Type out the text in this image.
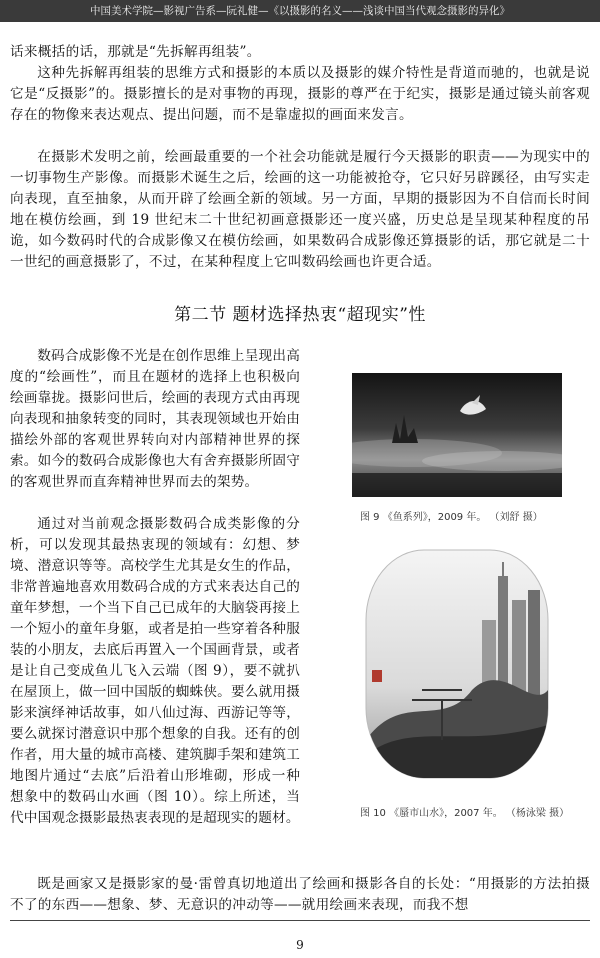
中国美术学院—影视广告系—阮礼健—《以摄影的名义——浅谈中国当代观念摄影的异化》

话来概括的话，那就是“先拆解再组装”。

这种先拆解再组装的思维方式和摄影的本质以及摄影的媒介特性是背道而驰的，也就是说它是“反摄影”的。摄影擅长的是对事物的再现，摄影的尊严在于纪实，摄影是通过镜头前客观存在的物像来表达观点、提出问题，而不是靠虚拟的画面来发言。

在摄影术发明之前，绘画最重要的一个社会功能就是履行今天摄影的职责——为现实中的一切事物生产影像。而摄影术诞生之后，绘画的这一功能被抢夺，它只好另辟蹊径，由写实走向表现，直至抽象，从而开辟了绘画全新的领域。另一方面，早期的摄影因为不自信而长时间地在模仿绘画，到 19 世纪末二十世纪初画意摄影还一度兴盛，历史总是呈现某种程度的吊诡，如今数码时代的合成影像又在模仿绘画，如果数码合成影像还算摄影的话，那它就是二十一世纪的画意摄影了，不过，在某种程度上它叫数码绘画也许更合适。

第二节 题材选择热衷“超现实”性

数码合成影像不光是在创作思维上呈现出高度的“绘画性”，而且在题材的选择上也积极向绘画靠拢。摄影问世后，绘画的表现方式由再现向表现和抽象转变的同时，其表现领域也开始由描绘外部的客观世界转向对内部精神世界的探索。如今的数码合成影像也大有舍弃摄影所固守的客观世界而直奔精神世界而去的架势。

通过对当前观念摄影数码合成类影像的分析，可以发现其最热衷现的领域有：幻想、梦境、潜意识等等。高校学生尤其是女生的作品，非常普遍地喜欢用数码合成的方式来表达自己的童年梦想，一个当下自己已成年的大脑袋再接上一个短小的童年身躯，或者是拍一些穿着各种服装的小朋友，去底后再置入一个国画背景，或者是让自己变成鱼儿飞入云端（图 9），要不就扒在屋顶上，做一回中国版的蜘蛛侠。要么就用摄影来演绎神话故事，如八仙过海、西游记等等，要么就探讨潜意识中那个想象的自我。还有的创作者，用大量的城市高楼、建筑脚手架和建筑工地图片通过“去底”后沿着山形堆砌，形成一种想象中的数码山水画（图 10）。综上所述，当代中国观念摄影最热衷表现的是超现实的题材。

图 9 《鱼系列》，2009 年。 （刘舒 摄）
图 10 《蜃市山水》，2007 年。 （杨泳梁 摄）

既是画家又是摄影家的曼·雷曾真切地道出了绘画和摄影各自的长处：“用摄影的方法拍摄不了的东西——想象、梦、无意识的冲动等——就用绘画来表现，而我不想

9
